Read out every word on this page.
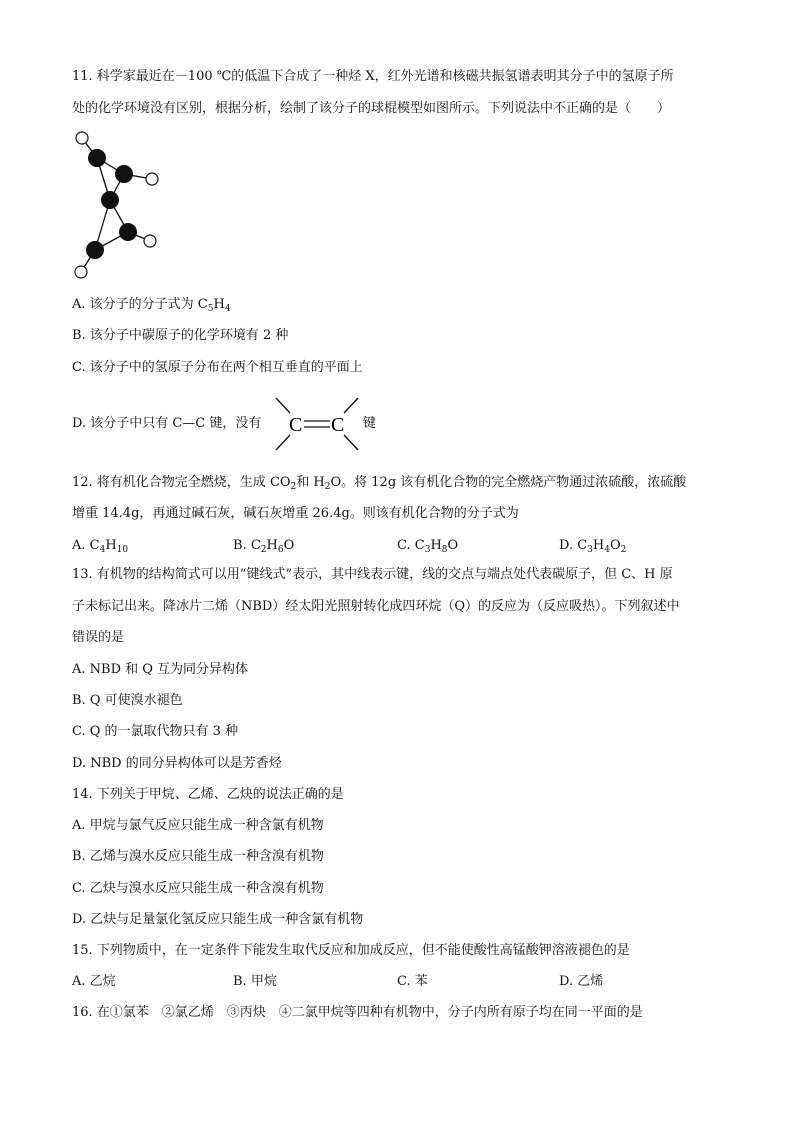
11. 科学家最近在－100 ℃的低温下合成了一种烃 X，红外光谱和核磁共振氢谱表明其分子中的氢原子所
处的化学环境没有区别，根据分析，绘制了该分子的球棍模型如图所示。下列说法中不正确的是（　　）
A. 该分子的分子式为 $C_5H_4$
B. 该分子中碳原子的化学环境有 2 种
C. 该分子中的氢原子分布在两个相互垂直的平面上
D. 该分子中只有 C—C 键，没有 C C 键
12. 将有机化合物完全燃烧，生成 $CO_2$和 $H_2O$。将 12g 该有机化合物的完全燃烧产物通过浓硫酸，浓硫酸
增重 14.4g，再通过碱石灰，碱石灰增重 26.4g。则该有机化合物的分子式为
A. $C_4H_{10}$	B. $C_2H_6O$	C. $C_3H_8O$	D. $C_3H_4O_2$
13. 有机物的结构简式可以用“键线式”表示，其中线表示键，线的交点与端点处代表碳原子，但 C、H 原
子未标记出来。降冰片二烯（NBD）经太阳光照射转化成四环烷（Q）的反应为（反应吸热）。下列叙述中
错误的是
A. NBD 和 Q 互为同分异构体
B. Q 可使溴水褪色
C. Q 的一氯取代物只有 3 种
D. NBD 的同分异构体可以是芳香烃
14. 下列关于甲烷、乙烯、乙炔的说法正确的是
A. 甲烷与氯气反应只能生成一种含氯有机物
B. 乙烯与溴水反应只能生成一种含溴有机物
C. 乙炔与溴水反应只能生成一种含溴有机物
D. 乙炔与足量氯化氢反应只能生成一种含氯有机物
15. 下列物质中，在一定条件下能发生取代反应和加成反应，但不能使酸性高锰酸钾溶液褪色的是
A. 乙烷	B. 甲烷	C. 苯	D. 乙烯
16. 在①氯苯　②氯乙烯　③丙炔　④二氯甲烷等四种有机物中，分子内所有原子均在同一平面的是
